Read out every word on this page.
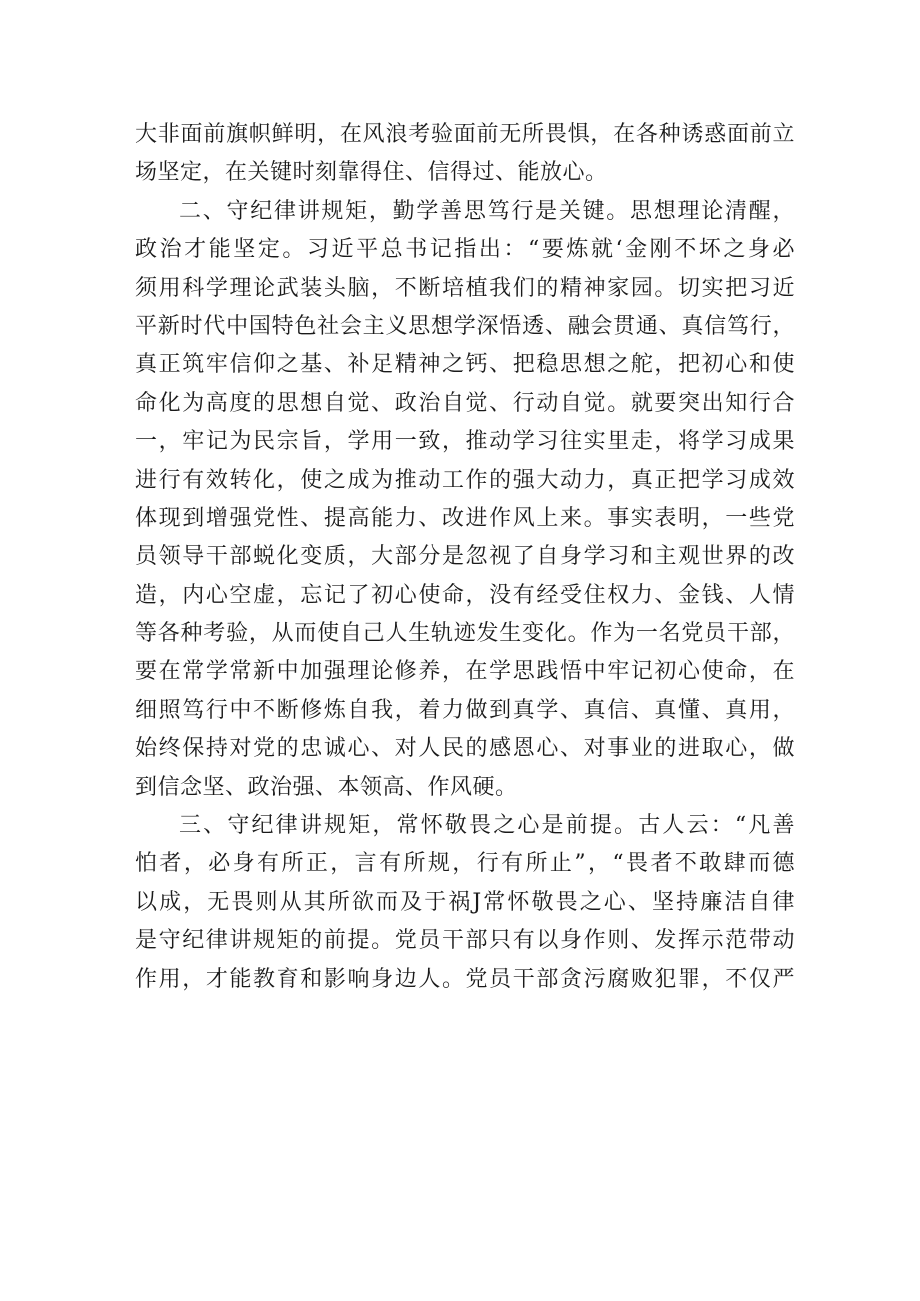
大非面前旗帜鲜明，在风浪考验面前无所畏惧，在各种诱惑面前立
场坚定，在关键时刻靠得住、信得过、能放心。
二、守纪律讲规矩，勤学善思笃行是关键。思想理论清醒，
政治才能坚定。习近平总书记指出：“要炼就‘金刚不坏之身必
须用科学理论武装头脑，不断培植我们的精神家园。切实把习近
平新时代中国特色社会主义思想学深悟透、融会贯通、真信笃行，
真正筑牢信仰之基、补足精神之钙、把稳思想之舵，把初心和使
命化为高度的思想自觉、政治自觉、行动自觉。就要突出知行合
一，牢记为民宗旨，学用一致，推动学习往实里走，将学习成果
进行有效转化，使之成为推动工作的强大动力，真正把学习成效
体现到增强党性、提高能力、改进作风上来。事实表明，一些党
员领导干部蜕化变质，大部分是忽视了自身学习和主观世界的改
造，内心空虚，忘记了初心使命，没有经受住权力、金钱、人情
等各种考验，从而使自己人生轨迹发生变化。作为一名党员干部，
要在常学常新中加强理论修养，在学思践悟中牢记初心使命，在
细照笃行中不断修炼自我，着力做到真学、真信、真懂、真用，
始终保持对党的忠诚心、对人民的感恩心、对事业的进取心，做
到信念坚、政治强、本领高、作风硬。
三、守纪律讲规矩，常怀敬畏之心是前提。古人云：“凡善
怕者，必身有所正，言有所规，行有所止”，“畏者不敢肆而德
以成，无畏则从其所欲而及于祸J常怀敬畏之心、坚持廉洁自律
是守纪律讲规矩的前提。党员干部只有以身作则、发挥示范带动
作用，才能教育和影响身边人。党员干部贪污腐败犯罪，不仅严
